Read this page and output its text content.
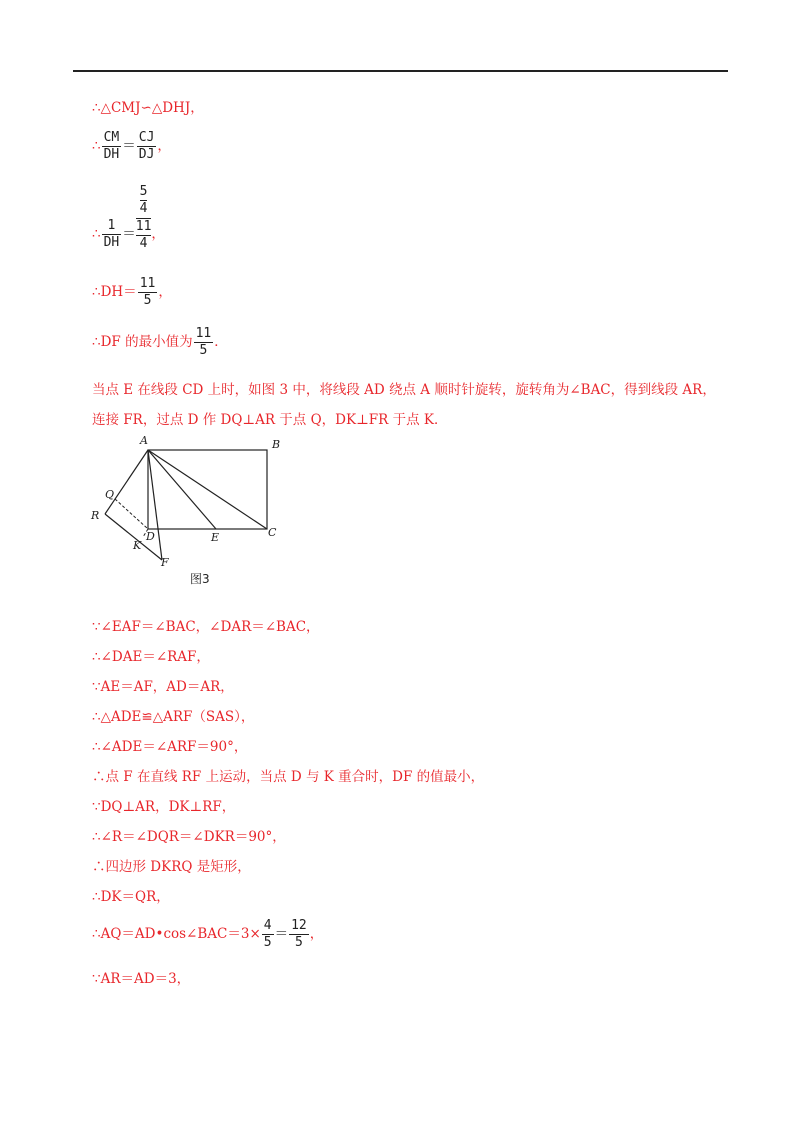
∴△CMJ∽△DHJ，
∴ $\frac{CM}{DH} = \frac{CJ}{DJ}$ ，
∴ $\frac{1}{DH} = \frac{\frac{5}{4}}{\frac{11}{4}}$ ，
∴DH＝ $\frac{11}{5}$ ，
∴DF 的最小值为 $\frac{11}{5}$ ．
当点 E 在线段 CD 上时，如图 3 中，将线段 AD 绕点 A 顺时针旋转，旋转角为∠BAC，得到线段 AR，连接 FR，过点 D 作 DQ⊥AR 于点 Q，DK⊥FR 于点 K．
A	B
C
D	E
F
Q
R
K
图3
∵∠EAF＝∠BAC，∠DAR＝∠BAC，
∴∠DAE＝∠RAF，
∵AE＝AF，AD＝AR，
∴△ADE≌△ARF（SAS），
∴∠ADE＝∠ARF＝90°，
∴点 F 在直线 RF 上运动，当点 D 与 K 重合时，DF 的值最小，
∵DQ⊥AR，DK⊥RF，
∴∠R＝∠DQR＝∠DKR＝90°，
∴四边形 DKRQ 是矩形，
∴DK＝QR，
∴AQ＝AD•cos∠BAC＝3× $\frac{4}{5} = \frac{12}{5}$ ，
∵AR＝AD＝3，
